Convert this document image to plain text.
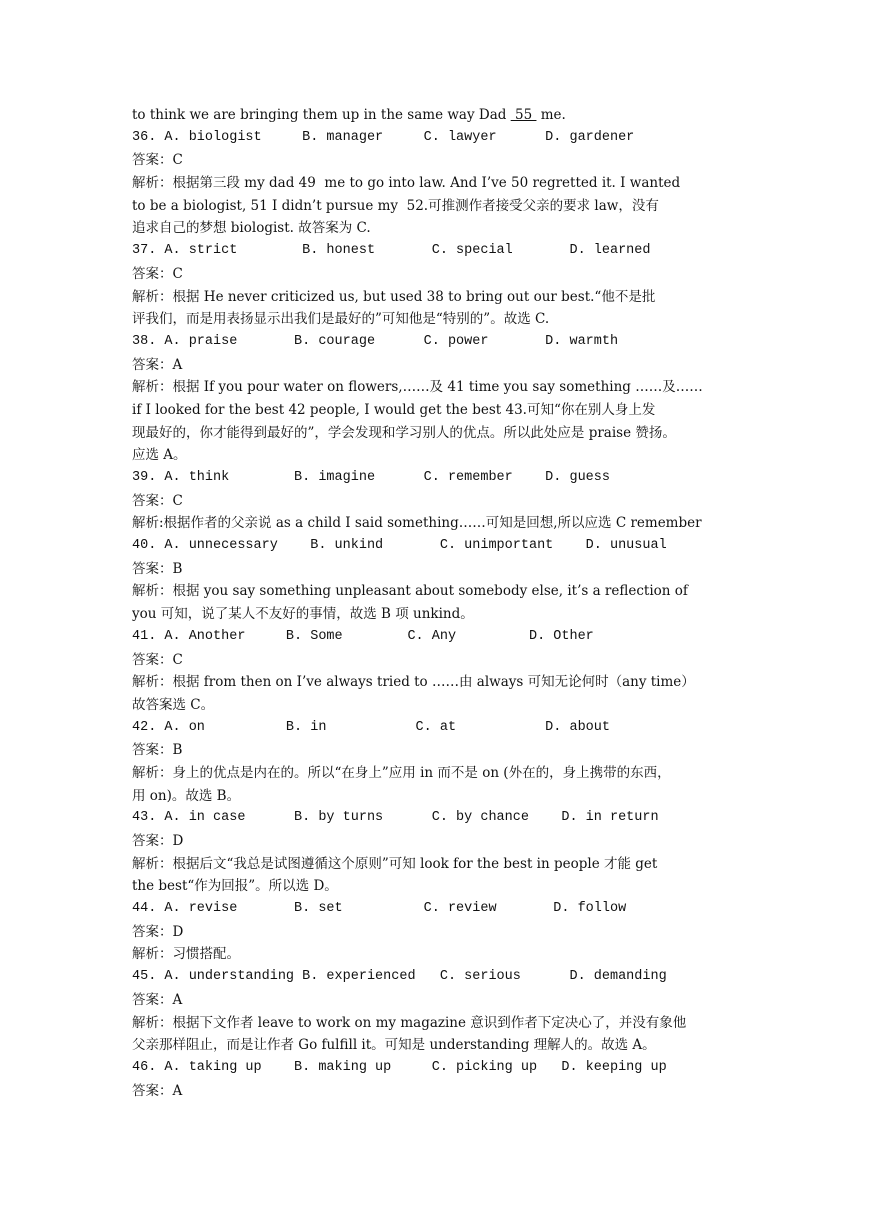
to think we are bringing them up in the same way Dad  55  me.
36. A. biologist     B. manager     C. lawyer      D. gardener
答案：C
解析：根据第三段 my dad 49  me to go into law. And I’ve 50 regretted it. I wanted
to be a biologist, 51 I didn’t pursue my  52.可推测作者接受父亲的要求 law，没有
追求自己的梦想 biologist. 故答案为 C.
37. A. strict        B. honest       C. special       D. learned
答案：C
解析：根据 He never criticized us, but used 38 to bring out our best.“他不是批
评我们，而是用表扬显示出我们是最好的”可知他是“特别的”。故选 C.
38. A. praise       B. courage      C. power       D. warmth
答案：A
解析：根据 If you pour water on flowers,……及 41 time you say something ……及……
if I looked for the best 42 people, I would get the best 43.可知“你在别人身上发
现最好的，你才能得到最好的”，学会发现和学习别人的优点。所以此处应是 praise 赞扬。
应选 A。
39. A. think        B. imagine      C. remember    D. guess
答案：C
解析:根据作者的父亲说 as a child I said something……可知是回想,所以应选 C remember
40. A. unnecessary    B. unkind       C. unimportant    D. unusual
答案：B
解析：根据 you say something unpleasant about somebody else, it’s a reflection of
you 可知，说了某人不友好的事情，故选 B 项 unkind。
41. A. Another     B. Some        C. Any         D. Other
答案：C
解析：根据 from then on I’ve always tried to ……由 always 可知无论何时（any time）
故答案选 C。
42. A. on          B. in           C. at           D. about
答案：B
解析：身上的优点是内在的。所以“在身上”应用 in 而不是 on (外在的，身上携带的东西，
用 on)。故选 B。
43. A. in case      B. by turns      C. by chance    D. in return
答案：D
解析：根据后文“我总是试图遵循这个原则”可知 look for the best in people 才能 get
the best“作为回报”。所以选 D。
44. A. revise       B. set          C. review       D. follow
答案：D
解析：习惯搭配。
45. A. understanding B. experienced   C. serious      D. demanding
答案：A
解析：根据下文作者 leave to work on my magazine 意识到作者下定决心了，并没有象他
父亲那样阻止，而是让作者 Go fulfill it。可知是 understanding 理解人的。故选 A。
46. A. taking up    B. making up     C. picking up   D. keeping up
答案：A
